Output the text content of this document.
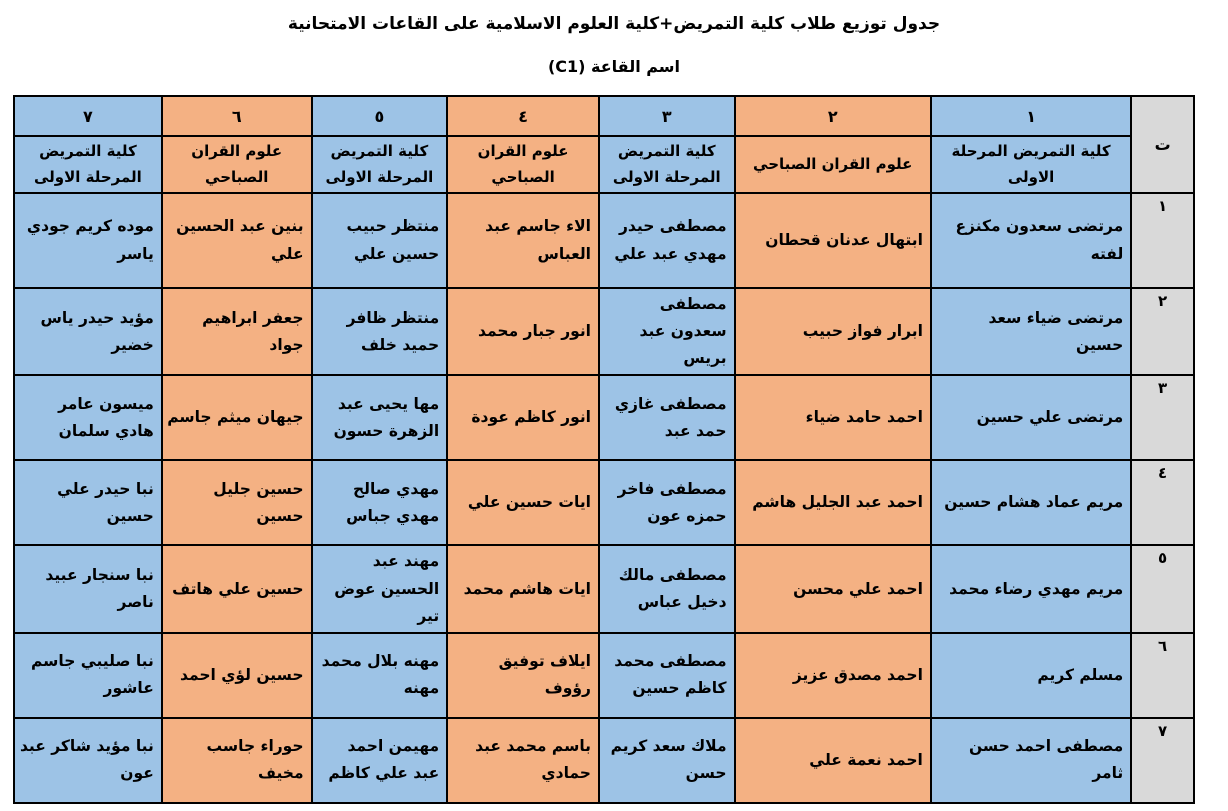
جدول توزيع طلاب كلية التمريض+كلية العلوم الاسلامية على القاعات الامتحانية
اسم القاعة (C1)
ت	١	٢	٣	٤	٥	٦	٧
	كلية التمريض المرحلة الاولى	علوم القران الصباحي	كلية التمريض المرحلة الاولى	علوم القران الصباحي	كلية التمريض المرحلة الاولى	علوم القران الصباحي	كلية التمريض المرحلة الاولى
١	مرتضى سعدون مكنزع لفته	ابتهال عدنان قحطان	مصطفى حيدر مهدي عبد علي	الاء جاسم عبد العباس	منتظر حبيب حسين علي	بنين عبد الحسين علي	موده كريم جودي ياسر
٢	مرتضى ضياء سعد حسين	ابرار فواز حبيب	مصطفى سعدون عبد بريس	انور جبار محمد	منتظر ظافر حميد خلف	جعفر ابراهيم جواد	مؤيد حيدر ياس خضير
٣	مرتضى علي حسين	احمد حامد ضياء	مصطفى غازي حمد عبد	انور كاظم عودة	مها يحيى عبد الزهرة حسون	جيهان ميثم جاسم	ميسون عامر هادي سلمان
٤	مريم عماد هشام حسين	احمد عبد الجليل هاشم	مصطفى فاخر حمزه عون	ايات حسين علي	مهدي صالح مهدي جباس	حسين جليل حسين	نبا حيدر علي حسين
٥	مريم مهدي رضاء محمد	احمد علي محسن	مصطفى مالك دخيل عباس	ايات هاشم محمد	مهند عبد الحسين عوض تير	حسين علي هاتف	نبا سنجار عبيد ناصر
٦	مسلم كريم	احمد مصدق عزيز	مصطفى محمد كاظم حسين	ايلاف توفيق رؤوف	مهنه بلال محمد مهنه	حسين لؤي احمد	نبا صليبي جاسم عاشور
٧	مصطفى احمد حسن ثامر	احمد نعمة علي	ملاك سعد كريم حسن	باسم محمد عبد حمادي	مهيمن احمد عبد علي كاظم	حوراء جاسب مخيف	نبا مؤيد شاكر عبد عون
